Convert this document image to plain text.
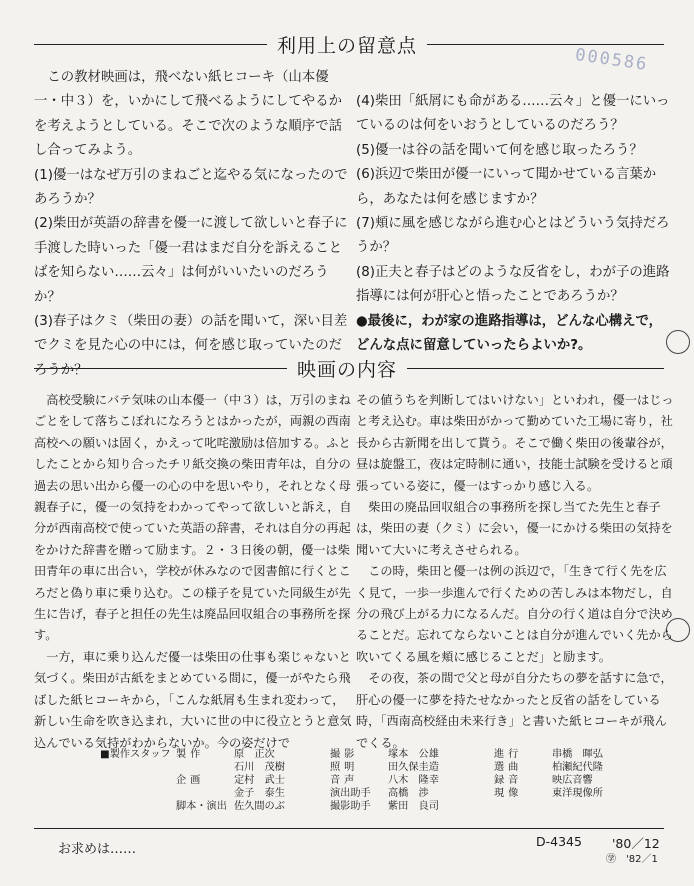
利用上の留意点	000586

この教材映画は，飛べない紙ヒコーキ（山本優一・中３）を，いかにして飛べるようにしてやるかを考えようとしている。そこで次のような順序で話し合ってみよう。

(1)優一はなぜ万引のまねごと迄やる気になったのであろうか？

(2)柴田が英語の辞書を優一に渡して欲しいと春子に手渡した時いった「優一君はまだ自分を訴えることばを知らない……云々」は何がいいたいのだろうか？

(3)春子はクミ（柴田の妻）の話を聞いて，深い目差でクミを見た心の中には，何を感じ取っていたのだろうか？

(4)柴田「紙屑にも命がある……云々」と優一にいっているのは何をいおうとしているのだろう？

(5)優一は谷の話を聞いて何を感じ取ったろう？

(6)浜辺で柴田が優一にいって聞かせている言葉から，あなたは何を感じますか？

(7)頬に風を感じながら進む心とはどういう気持だろうか？

(8)正夫と春子はどのような反省をし，わが子の進路指導には何が肝心と悟ったことであろうか？

●最後に，わが家の進路指導は，どんな心構えで，どんな点に留意していったらよいか?。

映画の内容

高校受験にバテ気味の山本優一（中３）は，万引のまねごとをして落ちこぼれになろうとはかったが，両親の西南高校への願いは固く，かえって叱咤激励は倍加する。ふとしたことから知り合ったチリ紙交換の柴田青年は，自分の過去の思い出から優一の心の中を思いやり，それとなく母親春子に，優一の気持をわかってやって欲しいと訴え，自分が西南高校で使っていた英語の辞書，それは自分の再起をかけた辞書を贈って励ます。２・３日後の朝，優一は柴田青年の車に出合い，学校が休みなので図書館に行くところだと偽り車に乗り込む。この様子を見ていた同級生が先生に告げ，春子と担任の先生は廃品回収組合の事務所を探す。

一方，車に乗り込んだ優一は柴田の仕事も楽じゃないと気づく。柴田が古紙をまとめている間に，優一がやたら飛ばした紙ヒコーキから，「こんな紙屑も生まれ変わって，新しい生命を吹き込まれ，大いに世の中に役立とうと意気込んでいる気持がわからないか。今の姿だけで

その値うちを判断してはいけない」といわれ，優一はじっと考え込む。車は柴田がかって勤めていた工場に寄り，社長から古新聞を出して貰う。そこで働く柴田の後輩谷が，昼は旋盤工，夜は定時制に通い，技能士試験を受けると頑張っている姿に，優一はすっかり感じ入る。

柴田の廃品回収組合の事務所を探し当てた先生と春子は，柴田の妻（クミ）に会い，優一にかける柴田の気持を聞いて大いに考えさせられる。

この時，柴田と優一は例の浜辺で，「生きて行く先を広く見て，一歩一歩進んで行くための苦しみは本物だし，自分の飛び上がる力になるんだ。自分の行く道は自分で決めることだ。忘れてならないことは自分が進んでいく先から吹いてくる風を頬に感じることだ」と励ます。

その夜，茶の間で父と母が自分たちの夢を話すに急で，肝心の優一に夢を持たせなかったと反省の話をしている時，「西南高校経由未来行き」と書いた紙ヒコーキが飛んでくる。

■製作スタッフ 製作	原　正次
石川　茂樹
企画	定村　武士
金子　泰生
脚本・演出 佐久間のぶ
撮影	塚本　公雄
照明	田久保圭造
音声	八木　隆幸
演出助手	高橋　渉
撮影助手	紫田　良司
進行	串橋　暉弘
選曲	柏瀬紀代隆
録音	映広音響
現像	東洋現像所
お求めは……
D-4345 '80／12
㊫　'82／1
